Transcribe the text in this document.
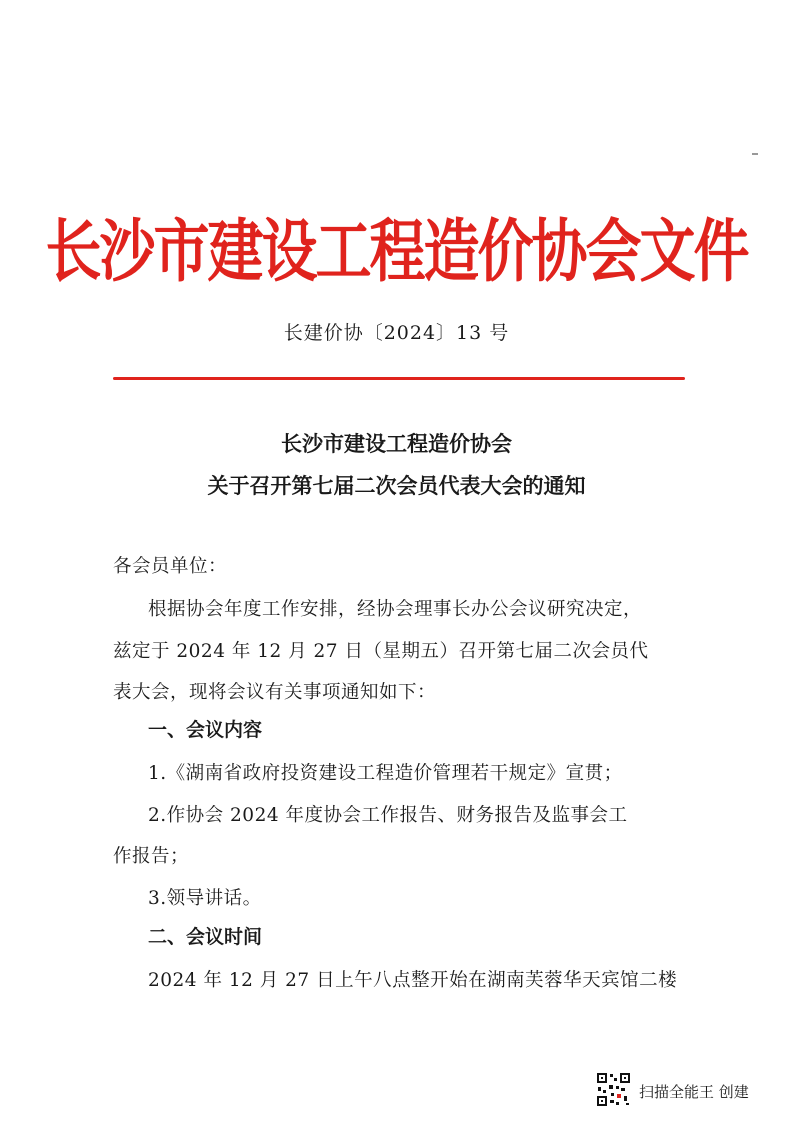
长沙市建设工程造价协会文件
长建价协〔2024〕13 号
长沙市建设工程造价协会
关于召开第七届二次会员代表大会的通知
各会员单位：
根据协会年度工作安排，经协会理事长办公会议研究决定，
兹定于 2024 年 12 月 27 日（星期五）召开第七届二次会员代
表大会，现将会议有关事项通知如下：
一、会议内容
1.《湖南省政府投资建设工程造价管理若干规定》宣贯；
2.作协会 2024 年度协会工作报告、财务报告及监事会工
作报告；
3.领导讲话。
二、会议时间
2024 年 12 月 27 日上午八点整开始在湖南芙蓉华天宾馆二楼
扫描全能王 创建
